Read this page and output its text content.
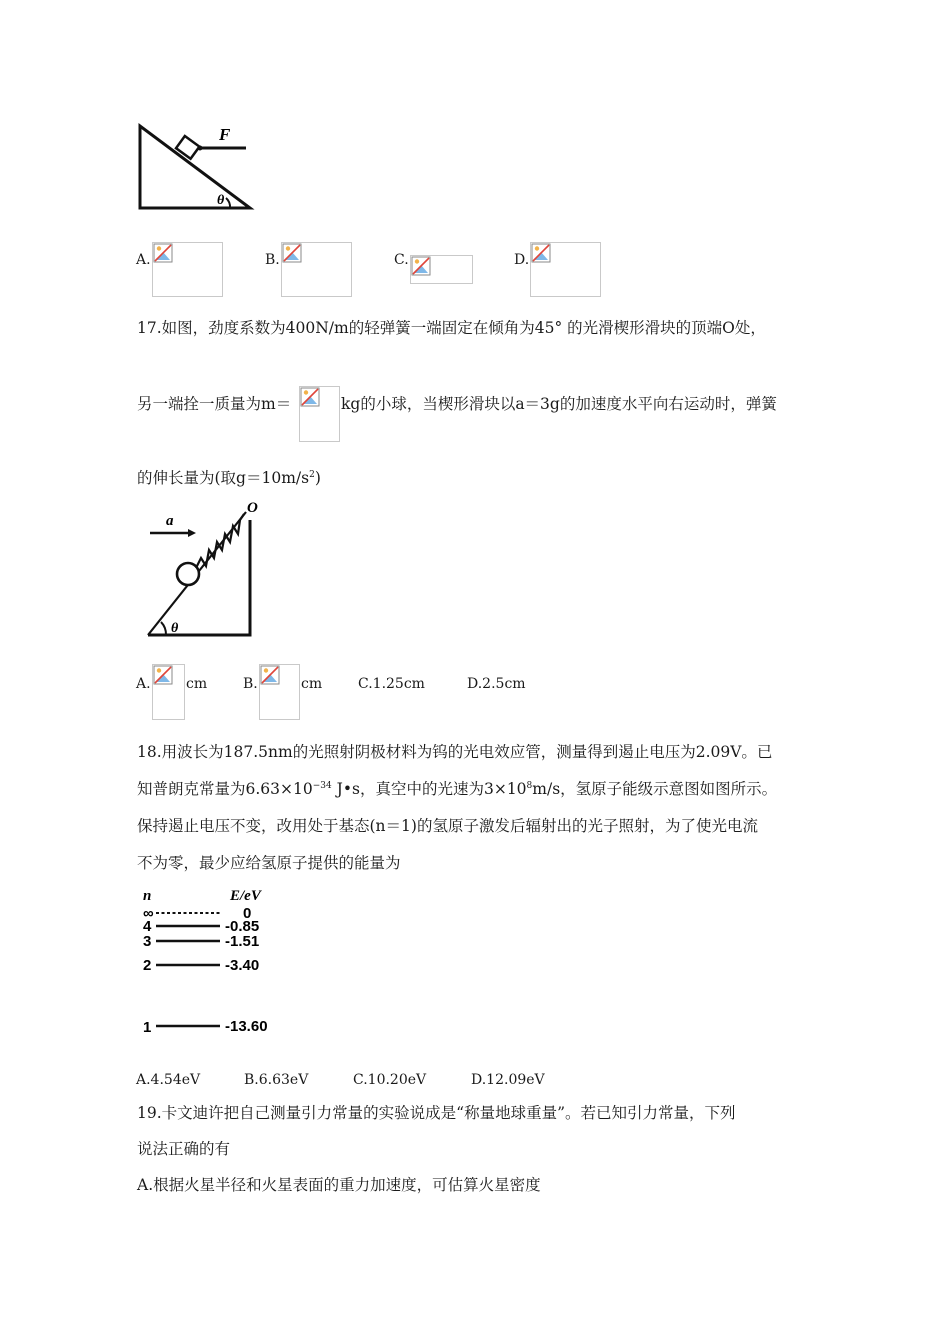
F
θ
A.	B.	C.	D.
17.如图，劲度系数为400N/m的轻弹簧一端固定在倾角为45° 的光滑楔形滑块的顶端O处，
另一端拴一质量为m＝	kg的小球，当楔形滑块以a＝3g的加速度水平向右运动时，弹簧
的伸长量为(取$g=10m/s^2$)
a
O
θ
A.	cm	B.	cm	C.1.25cm	D.2.5cm
18.用波长为187.5nm的光照射阴极材料为钨的光电效应管，测量得到遏止电压为2.09V。已
知普朗克常量为$6.63\times 10^{-34}$ J•s，真空中的光速为$3\times 10^8m/s$，氢原子能级示意图如图所示。
保持遏止电压不变，改用处于基态(n＝1)的氢原子激发后辐射出的光子照射，为了使光电流
不为零，最少应给氢原子提供的能量为
n	E/eV
∞	0
4	-0.85
3	-1.51
2	-3.40
1	-13.60
A.4.54eV	B.6.63eV	C.10.20eV	D.12.09eV
19.卡文迪许把自己测量引力常量的实验说成是“称量地球重量”。若已知引力常量，下列
说法正确的有
A.根据火星半径和火星表面的重力加速度，可估算火星密度
